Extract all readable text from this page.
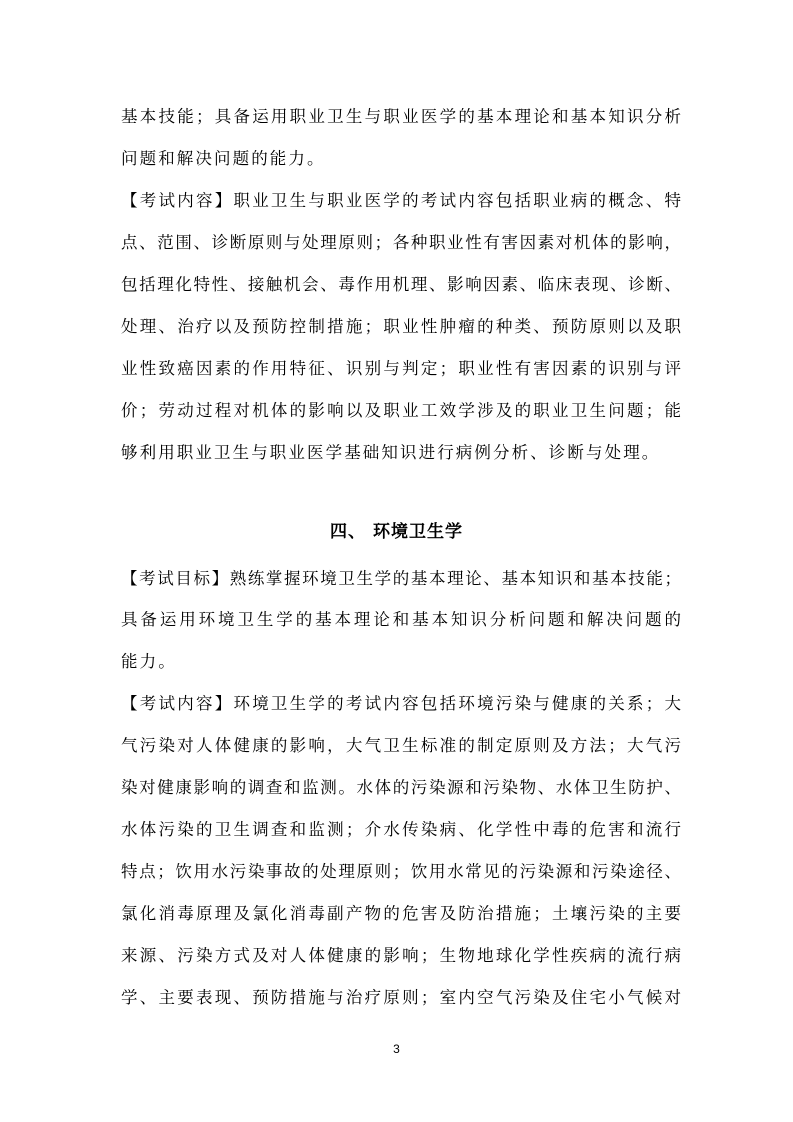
基本技能；具备运用职业卫生与职业医学的基本理论和基本知识分析
问题和解决问题的能力。
【考试内容】职业卫生与职业医学的考试内容包括职业病的概念、特
点、范围、诊断原则与处理原则；各种职业性有害因素对机体的影响，
包括理化特性、接触机会、毒作用机理、影响因素、临床表现、诊断、
处理、治疗以及预防控制措施；职业性肿瘤的种类、预防原则以及职
业性致癌因素的作用特征、识别与判定；职业性有害因素的识别与评
价；劳动过程对机体的影响以及职业工效学涉及的职业卫生问题；能
够利用职业卫生与职业医学基础知识进行病例分析、诊断与处理。
四、 环境卫生学
【考试目标】熟练掌握环境卫生学的基本理论、基本知识和基本技能；
具备运用环境卫生学的基本理论和基本知识分析问题和解决问题的
能力。
【考试内容】环境卫生学的考试内容包括环境污染与健康的关系；大
气污染对人体健康的影响，大气卫生标准的制定原则及方法；大气污
染对健康影响的调查和监测。水体的污染源和污染物、水体卫生防护、
水体污染的卫生调查和监测；介水传染病、化学性中毒的危害和流行
特点；饮用水污染事故的处理原则；饮用水常见的污染源和污染途径、
氯化消毒原理及氯化消毒副产物的危害及防治措施；土壤污染的主要
来源、污染方式及对人体健康的影响；生物地球化学性疾病的流行病
学、主要表现、预防措施与治疗原则；室内空气污染及住宅小气候对
3
